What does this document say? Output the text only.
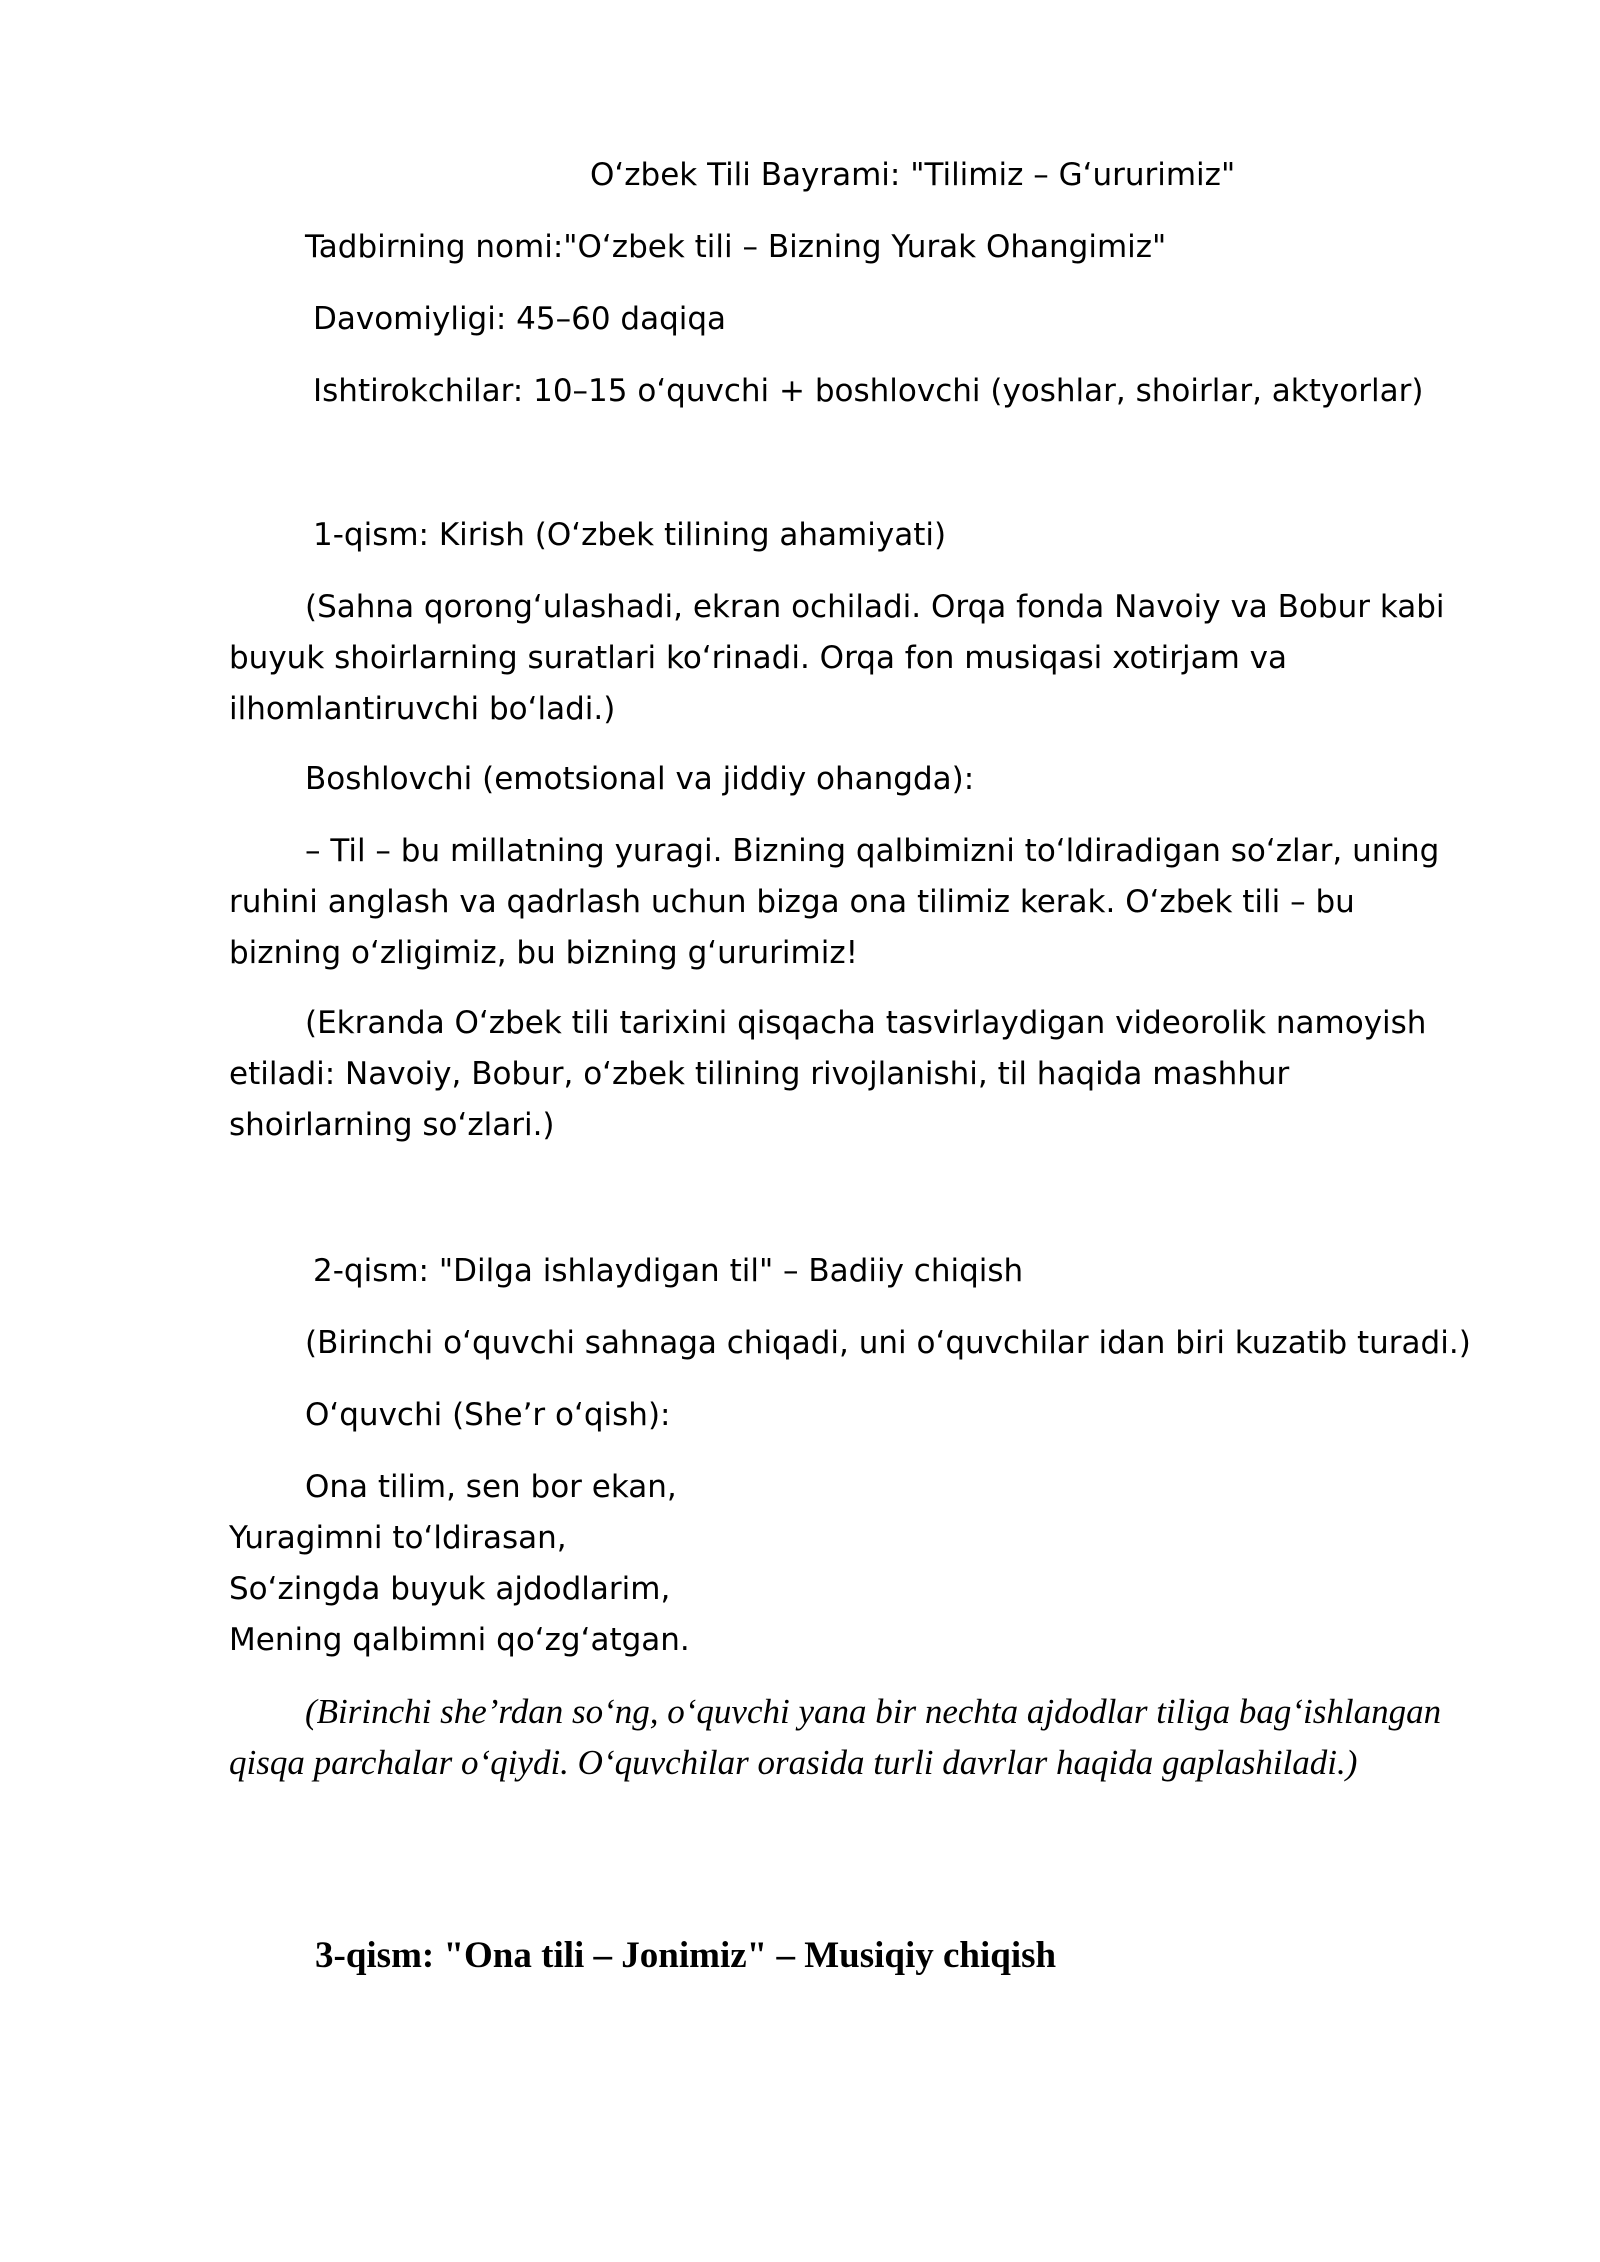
O‘zbek Tili Bayrami: "Tilimiz – G‘ururimiz"

Tadbirning nomi:"O‘zbek tili – Bizning Yurak Ohangimiz"

Davomiyligi: 45–60 daqiqa

Ishtirokchilar: 10–15 o‘quvchi + boshlovchi (yoshlar, shoirlar, aktyorlar)

1-qism: Kirish (O‘zbek tilining ahamiyati)

(Sahna qorong‘ulashadi, ekran ochiladi. Orqa fonda Navoiy va Bobur kabi buyuk shoirlarning suratlari ko‘rinadi. Orqa fon musiqasi xotirjam va ilhomlantiruvchi bo‘ladi.)

Boshlovchi (emotsional va jiddiy ohangda):

– Til – bu millatning yuragi. Bizning qalbimizni to‘ldiradigan so‘zlar, uning ruhini anglash va qadrlash uchun bizga ona tilimiz kerak. O‘zbek tili – bu bizning o‘zligimiz, bu bizning g‘ururimiz!

(Ekranda O‘zbek tili tarixini qisqacha tasvirlaydigan videorolik namoyish etiladi: Navoiy, Bobur, o‘zbek tilining rivojlanishi, til haqida mashhur shoirlarning so‘zlari.)

2-qism: "Dilga ishlaydigan til" – Badiiy chiqish

(Birinchi o‘quvchi sahnaga chiqadi, uni o‘quvchilar idan biri kuzatib turadi.)

O‘quvchi (She’r o‘qish):

Ona tilim, sen bor ekan,
Yuragimni to‘ldirasan,
So‘zingda buyuk ajdodlarim,
Mening qalbimni qo‘zg‘atgan.

(Birinchi she’rdan so‘ng, o‘quvchi yana bir nechta ajdodlar tiliga bag‘ishlangan qisqa parchalar o‘qiydi. O‘quvchilar orasida turli davrlar haqida gaplashiladi.)

3-qism: "Ona tili – Jonimiz" – Musiqiy chiqish
